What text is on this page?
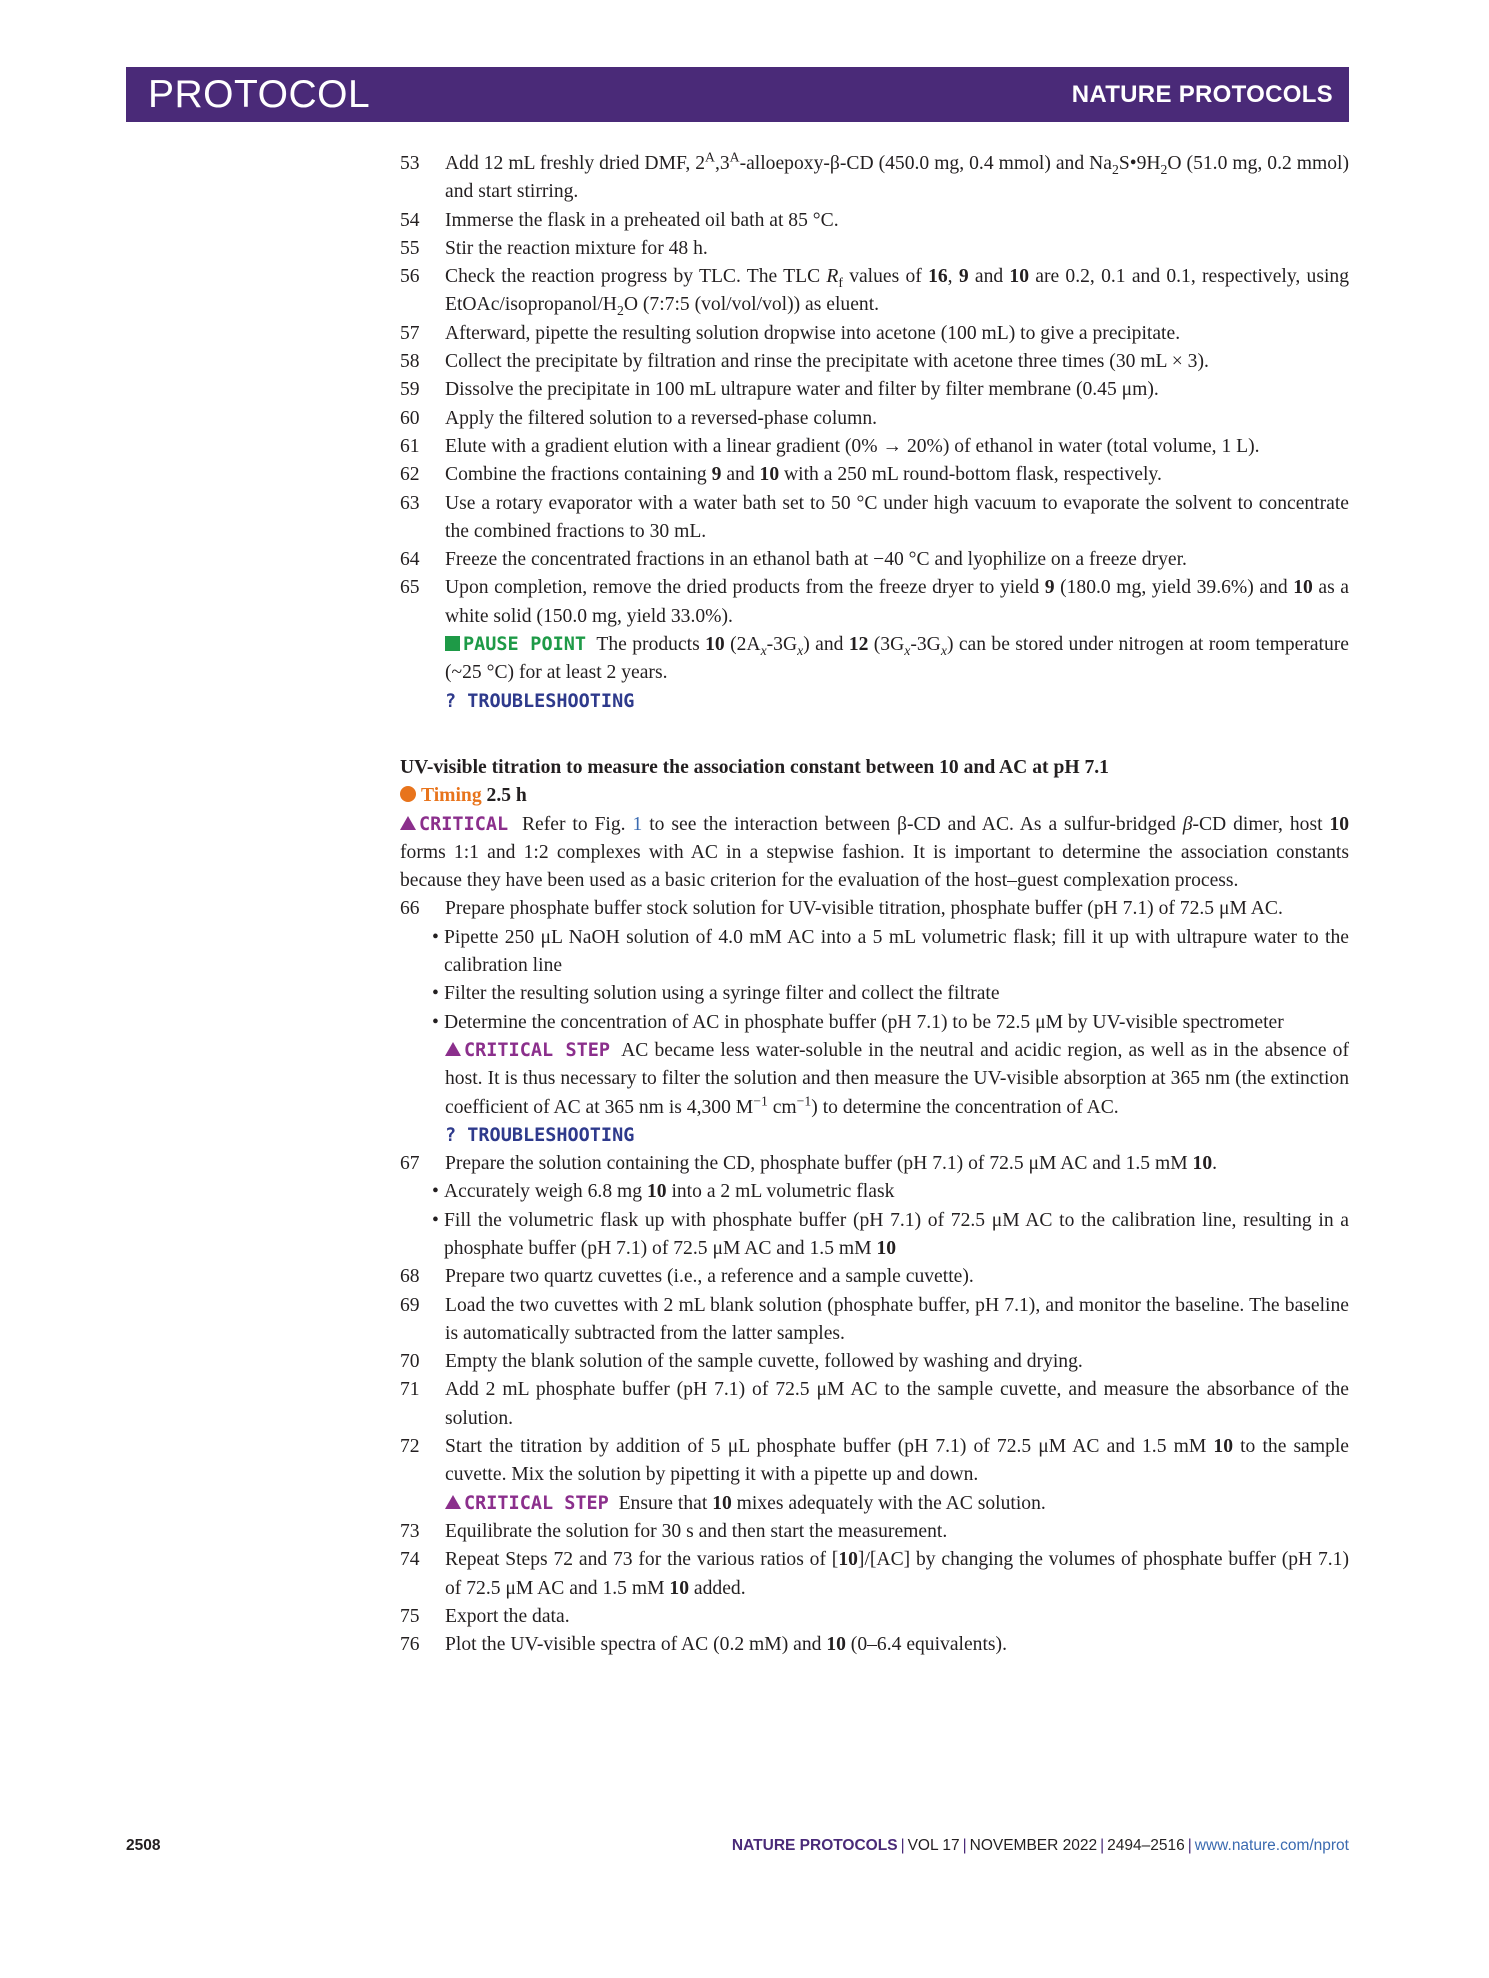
PROTOCOL	NATURE PROTOCOLS
53 Add 12 mL freshly dried DMF, $2^A,3^A-alloepoxy-\beta-CD$ (450.0 mg, 0.4 mmol) and $Na_2S•9H_2O$ (51.0 mg, 0.2 mmol) and start stirring.
54 Immerse the flask in a preheated oil bath at 85 °C.
55 Stir the reaction mixture for 48 h.
56 Check the reaction progress by TLC. The TLC $R_f$ values of 16, 9 and 10 are 0.2, 0.1 and 0.1, respectively, using EtOAc/$isopropanol/H_2O$ (7:7:5 (vol/vol/vol)) as eluent.
57 Afterward, pipette the resulting solution dropwise into acetone (100 mL) to give a precipitate.
58 Collect the precipitate by filtration and rinse the precipitate with acetone three times (30 mL × 3).
59 Dissolve the precipitate in 100 mL ultrapure water and filter by filter membrane (0.45 μm).
60 Apply the filtered solution to a reversed-phase column.
61 Elute with a gradient elution with a linear gradient (0% → 20%) of ethanol in water (total volume, 1 L).
62 Combine the fractions containing 9 and 10 with a 250 mL round-bottom flask, respectively.
63 Use a rotary evaporator with a water bath set to 50 °C under high vacuum to evaporate the solvent to concentrate the combined fractions to 30 mL.
64 Freeze the concentrated fractions in an ethanol bath at −40 °C and lyophilize on a freeze dryer.
65 Upon completion, remove the dried products from the freeze dryer to yield 9 (180.0 mg, yield 39.6%) and 10 as a white solid (150.0 mg, yield 33.0%).
PAUSE POINT The products 10 $(2A_x-3G_x)$ and 12 $(3G_x-3G_x)$ can be stored under nitrogen at room temperature (~25 °C) for at least 2 years.
? TROUBLESHOOTING
UV-visible titration to measure the association constant between 10 and AC at pH 7.1
Timing 2.5 h
CRITICAL Refer to Fig. 1 to see the interaction between β-CD and AC. As a sulfur-bridged β-CD dimer, host 10 forms 1:1 and 1:2 complexes with AC in a stepwise fashion. It is important to determine the association constants because they have been used as a basic criterion for the evaluation of the host–guest complexation process.
66 Prepare phosphate buffer stock solution for UV-visible titration, phosphate buffer (pH 7.1) of 72.5 μM AC.
• Pipette 250 μL NaOH solution of 4.0 mM AC into a 5 mL volumetric flask; fill it up with ultrapure water to the calibration line
• Filter the resulting solution using a syringe filter and collect the filtrate
• Determine the concentration of AC in phosphate buffer (pH 7.1) to be 72.5 μM by UV-visible spectrometer
CRITICAL STEP AC became less water-soluble in the neutral and acidic region, as well as in the absence of host. It is thus necessary to filter the solution and then measure the UV-visible absorption at 365 nm (the extinction coefficient of AC at 365 nm is 4,300 $M^{-1}$ $cm^{-1}$) to determine the concentration of AC.
? TROUBLESHOOTING
67 Prepare the solution containing the CD, phosphate buffer (pH 7.1) of 72.5 μM AC and 1.5 mM 10.
• Accurately weigh 6.8 mg 10 into a 2 mL volumetric flask
• Fill the volumetric flask up with phosphate buffer (pH 7.1) of 72.5 μM AC to the calibration line, resulting in a phosphate buffer (pH 7.1) of 72.5 μM AC and 1.5 mM 10
68 Prepare two quartz cuvettes (i.e., a reference and a sample cuvette).
69 Load the two cuvettes with 2 mL blank solution (phosphate buffer, pH 7.1), and monitor the baseline. The baseline is automatically subtracted from the latter samples.
70 Empty the blank solution of the sample cuvette, followed by washing and drying.
71 Add 2 mL phosphate buffer (pH 7.1) of 72.5 μM AC to the sample cuvette, and measure the absorbance of the solution.
72 Start the titration by addition of 5 μL phosphate buffer (pH 7.1) of 72.5 μM AC and 1.5 mM 10 to the sample cuvette. Mix the solution by pipetting it with a pipette up and down.
CRITICAL STEP Ensure that 10 mixes adequately with the AC solution.
73 Equilibrate the solution for 30 s and then start the measurement.
74 Repeat Steps 72 and 73 for the various ratios of [10]/[AC] by changing the volumes of phosphate buffer (pH 7.1) of 72.5 μM AC and 1.5 mM 10 added.
75 Export the data.
76 Plot the UV-visible spectra of AC (0.2 mM) and 10 (0–6.4 equivalents).
2508	NATURE PROTOCOLS | VOL 17 | NOVEMBER 2022 | 2494–2516 | www.nature.com/nprot
